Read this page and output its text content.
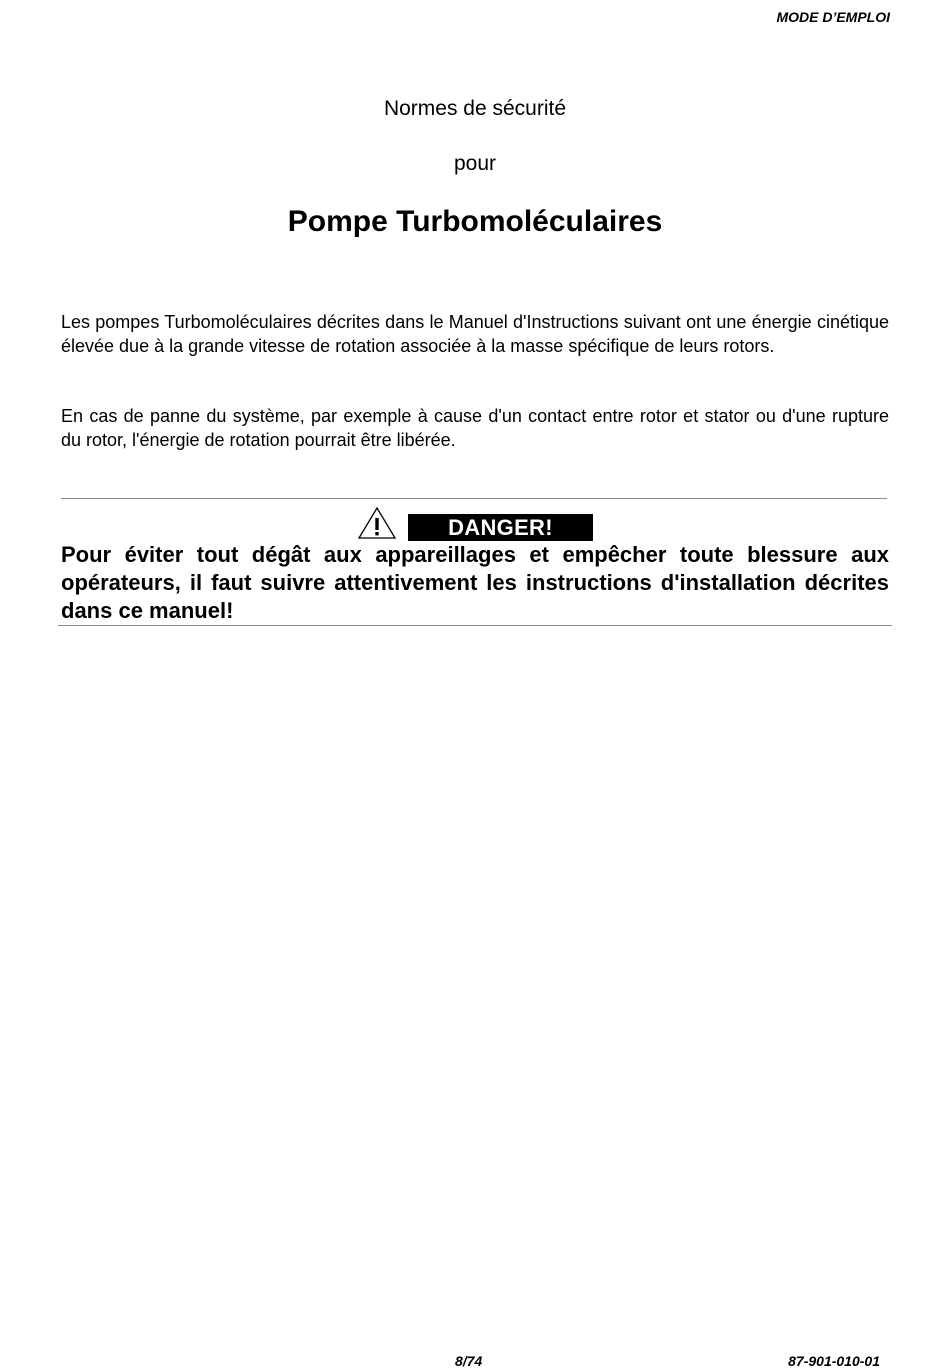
MODE D’EMPLOI
Normes de sécurité
pour
Pompe Turbomoléculaires

Les pompes Turbomoléculaires décrites dans le Manuel d'Instructions suivant ont une énergie cinétique élevée due à la grande vitesse de rotation associée à la masse spécifique de leurs rotors.

En cas de panne du système, par exemple à cause d'un contact entre rotor et stator ou d'une rupture du rotor, l'énergie de rotation pourrait être libérée.

DANGER!

Pour éviter tout dégât aux appareillages et empêcher toute blessure aux opérateurs, il faut suivre attentivement les instructions d'installation décrites dans ce manuel!

8/74	87-901-010-01
